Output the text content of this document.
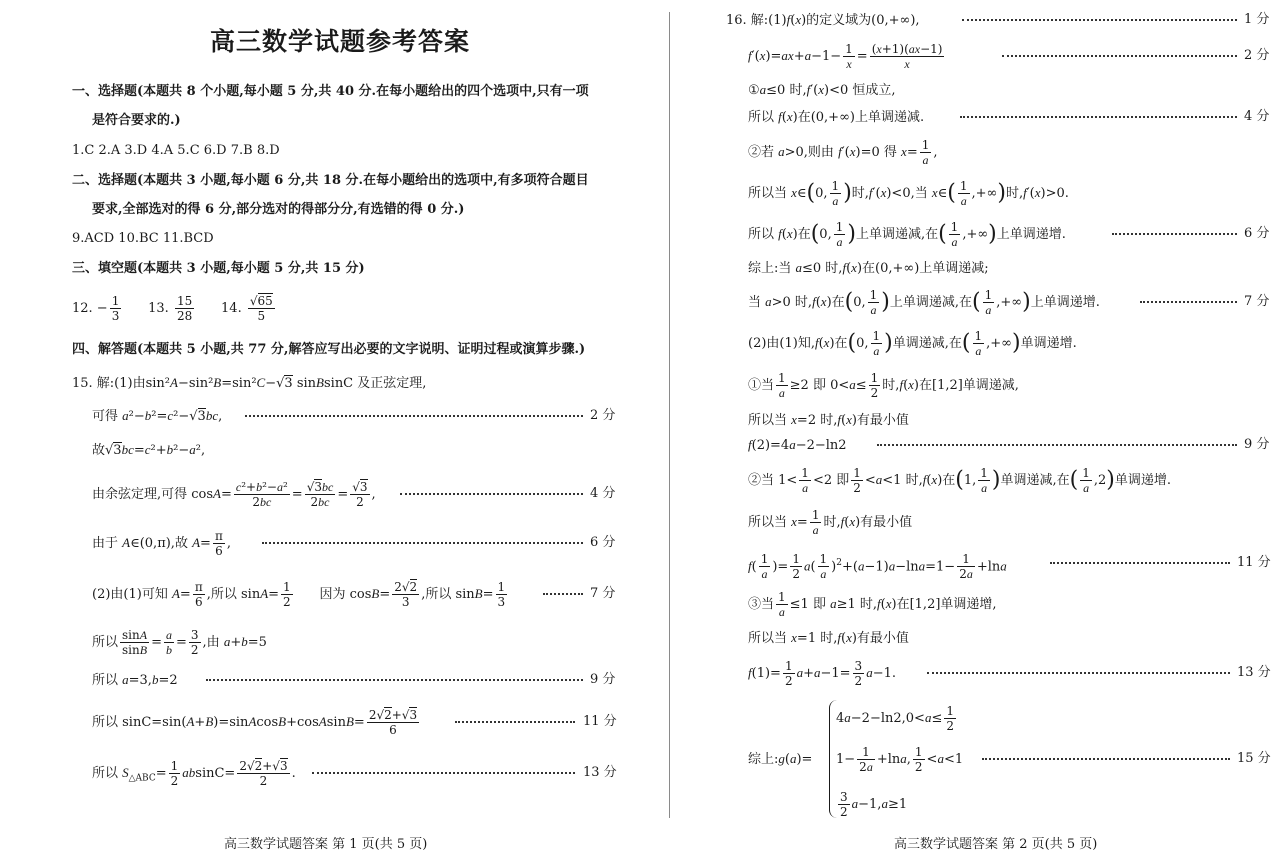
高三数学试题参考答案
一、选择题(本题共 8 个小题,每小题 5 分,共 40 分.在每小题给出的四个选项中,只有一项
是符合要求的.)
1.C 2.A 3.D 4.A 5.C 6.D 7.B 8.D
二、选择题(本题共 3 小题,每小题 6 分,共 18 分.在每小题给出的选项中,有多项符合题目
要求,全部选对的得 6 分,部分选对的得部分分,有选错的得 0 分.)
9.ACD 10.BC 11.BCD
三、填空题(本题共 3 小题,每小题 5 分,共 15 分)
12. − $\frac{1}{3} 13$. $\frac{15}{28} 14$. $\frac{√65}{5}$
四、解答题(本题共 5 小题,共 77 分,解答应写出必要的文字说明、证明过程或演算步骤.)
15. 解:(1)由sin²A−sin²B=sin²C−√3 sinBsinC 及正弦定理,
可得 a²−b²=c²−√3bc,	2 分
故√3bc=c²+b²−a²,
由余弦定理,可得 $\cos A= \frac{\text{c²+b²−a²}}{2bc} = \frac{√3bc}{2bc} = \frac{√3}{2}$ ,	4 分
由于 A∈(0,π),故 $A= \frac{\pi}{6}$ ,	6 分
(2)由(1)可知 $A= \frac{\pi}{6}$ ,所以 $\sin A= \frac{1}{2}$ 因为 $\cos B= \frac{2√2}{3}$ ,所以 $\sin B= \frac{1}{3}$	7 分
所以 $\frac{\sin A}{\sin B} = \frac{a}{b} = \frac{3}{2}$ ,由 a+b=5
所以 a=3,b=2	9 分
所以 sinC=sin(A+B)=sinAcosB+cosAsinB= $\frac{2√2+√3}{6}$	11 分
所以 $S_{\triangle ABC}= \frac{1}{2} absinC= \frac{2√2+√3}{2}$ .	13 分
高三数学试题答案 第 1 页(共 5 页)
16. 解:(1)f(x)的定义域为(0,+∞),	1 分
$f'(x)=ax+a-1- \frac{1}{x} = \frac{(x+1)(ax-1)}{x}$	2 分
①a≤0 时,f′(x)<0 恒成立,
所以 f(x)在(0,+∞)上单调递减.	4 分
②若 a>0,则由 f′(x)=0 得 $x= \frac{1}{a}$ ,
所以当 x∈(0, $\frac{1}{a}$ )时,f′(x)<0,当 x∈( $\frac{1}{a}$ ,+∞)时,f′(x)>0.
所以 f(x)在(0, $\frac{1}{a}$ )上单调递减,在( $\frac{1}{a}$ ,+∞)上单调递增.	6 分
综上:当 a≤0 时,f(x)在(0,+∞)上单调递减;
当 a>0 时,f(x)在(0, $\frac{1}{a}$ )上单调递减,在( $\frac{1}{a}$ ,+∞)上单调递增.	7 分
(2)由(1)知,f(x)在(0, $\frac{1}{a}$ )单调递减,在( $\frac{1}{a}$ ,+∞)单调递增.
①当 $\frac{1}{a} \ge 2$ 即 $0<a\le \frac{1}{2}$ 时,f(x)在[1,2]单调递减,
所以当 x=2 时,f(x)有最小值
f(2)=4a−2−ln2	9 分
②当 $1< \frac{1}{a} <2$ 即 $\frac{1}{2} <a<1$ 时,f(x)在(1, $\frac{1}{a}$ )单调递减,在( $\frac{1}{a} ,2$)单调递增.
所以当 $x= \frac{1}{a}$ 时,f(x)有最小值
$f( \frac{1}{a}$ )= $\frac{1}{2} a( \frac{1}{a} )^2+(a-1)a-\ln a=1- \frac{1}{2a} +\ln a$	11 分
③当 $\frac{1}{a} \le 1$ 即 a≥1 时,f(x)在[1,2]单调递增,
所以当 x=1 时,f(x)有最小值
$f(1)= \frac{1}{2} a+a-1= \frac{3}{2} a-1$.	13 分
综上:g(a)=
$4a-2-\ln 2,0<a\le \frac{1}{2}$
$1- \frac{1}{2a} +\ln a$, $\frac{1}{2} <a<1$
$\frac{3}{2} a-1,a\ge 1$
15 分
高三数学试题答案 第 2 页(共 5 页)
